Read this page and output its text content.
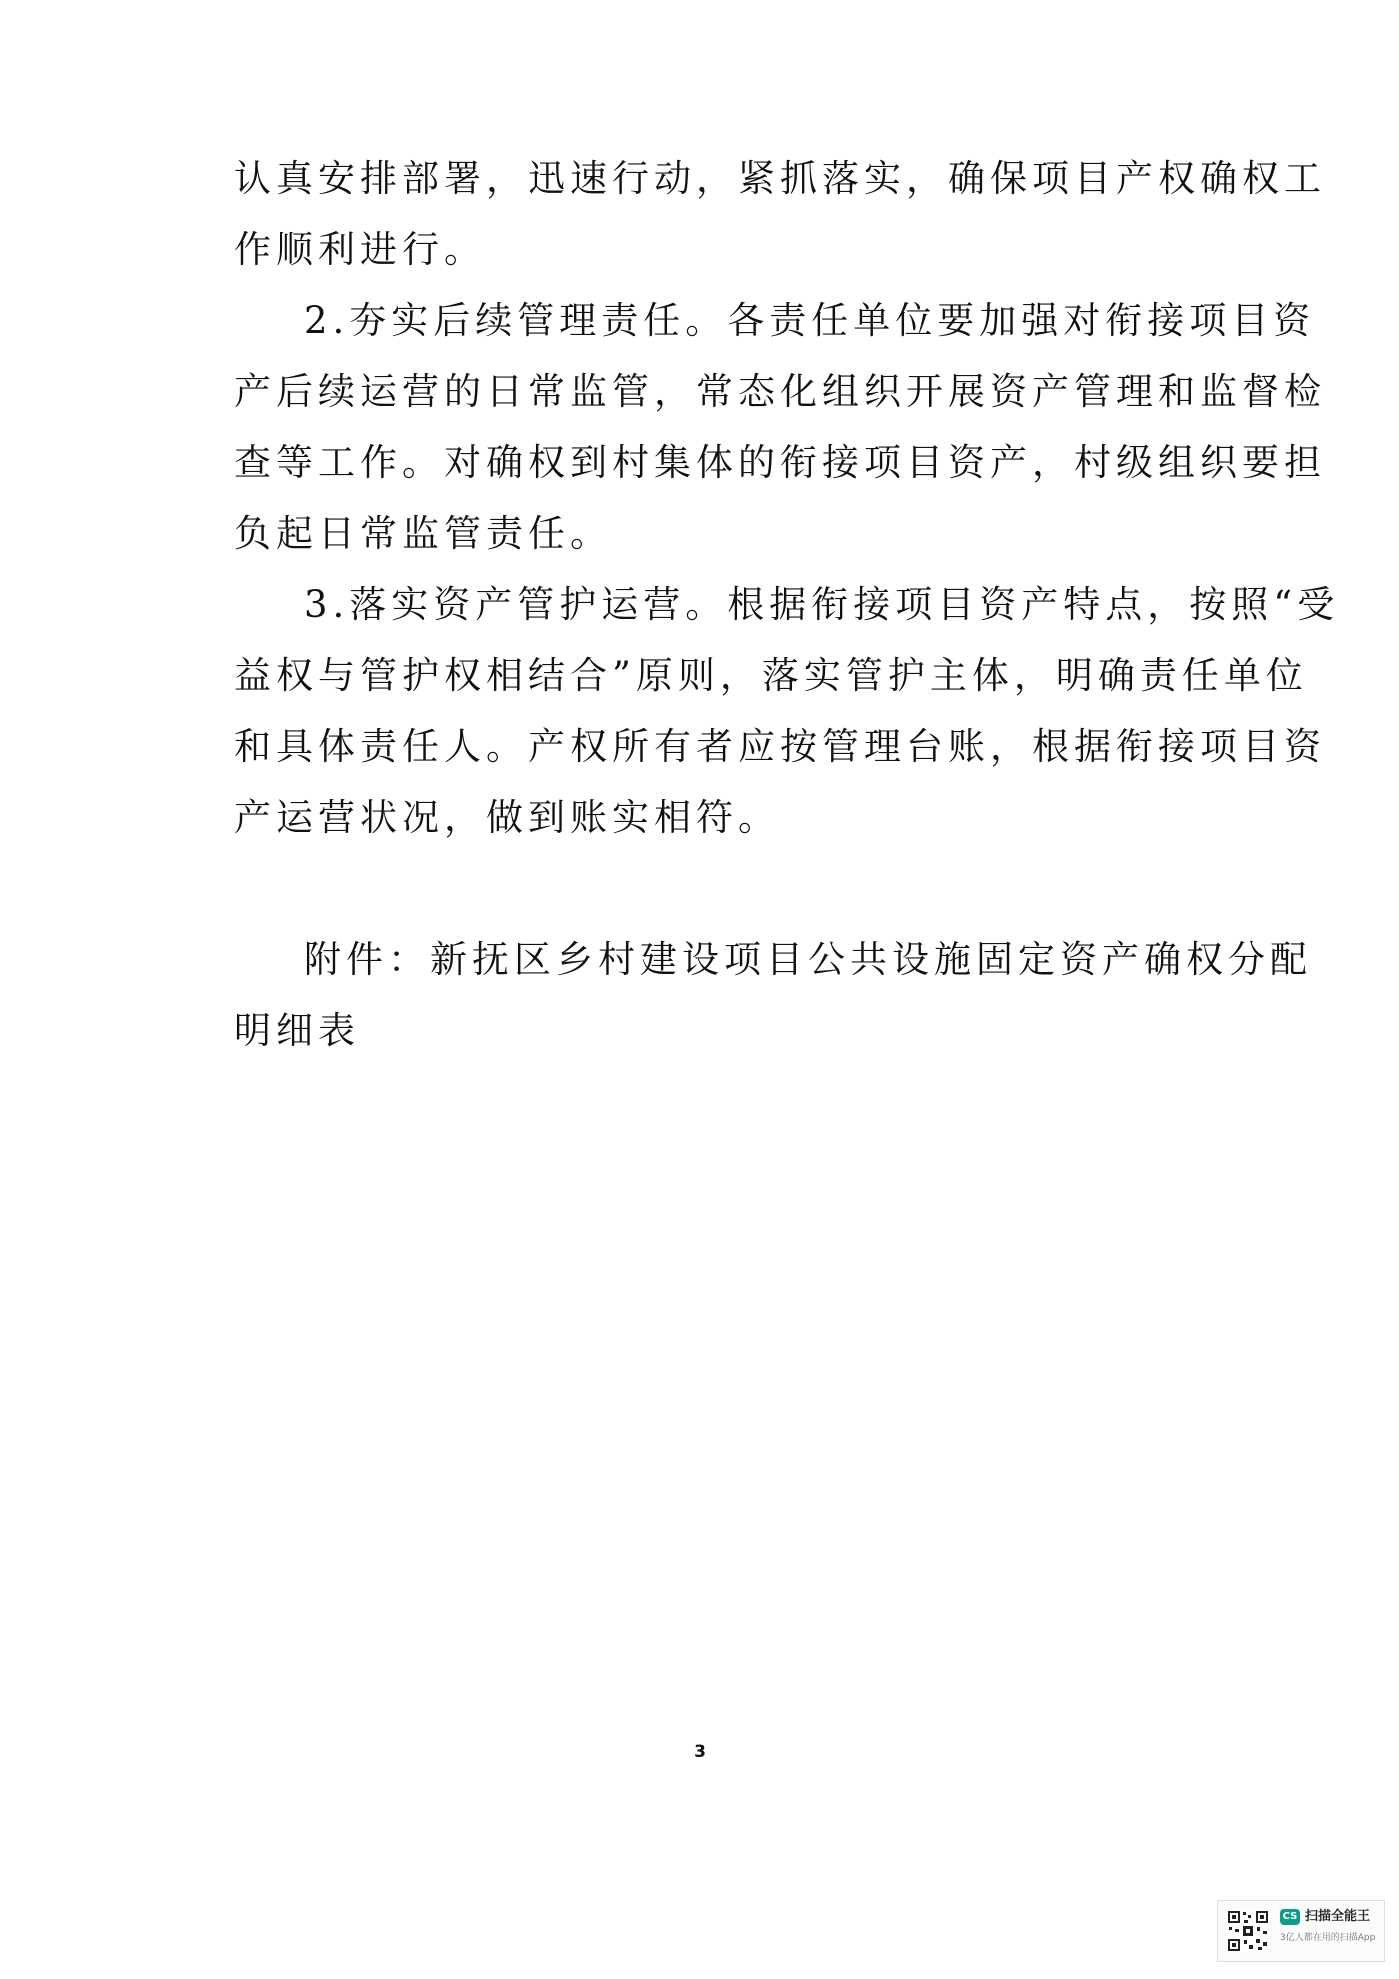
认真安排部署，迅速行动，紧抓落实，确保项目产权确权工
作顺利进行。
2.夯实后续管理责任。各责任单位要加强对衔接项目资
产后续运营的日常监管，常态化组织开展资产管理和监督检
查等工作。对确权到村集体的衔接项目资产，村级组织要担
负起日常监管责任。
3.落实资产管护运营。根据衔接项目资产特点，按照“受
益权与管护权相结合”原则，落实管护主体，明确责任单位
和具体责任人。产权所有者应按管理台账，根据衔接项目资
产运营状况，做到账实相符。
附件：新抚区乡村建设项目公共设施固定资产确权分配
明细表
3
CS 扫描全能王
3亿人都在用的扫描App
